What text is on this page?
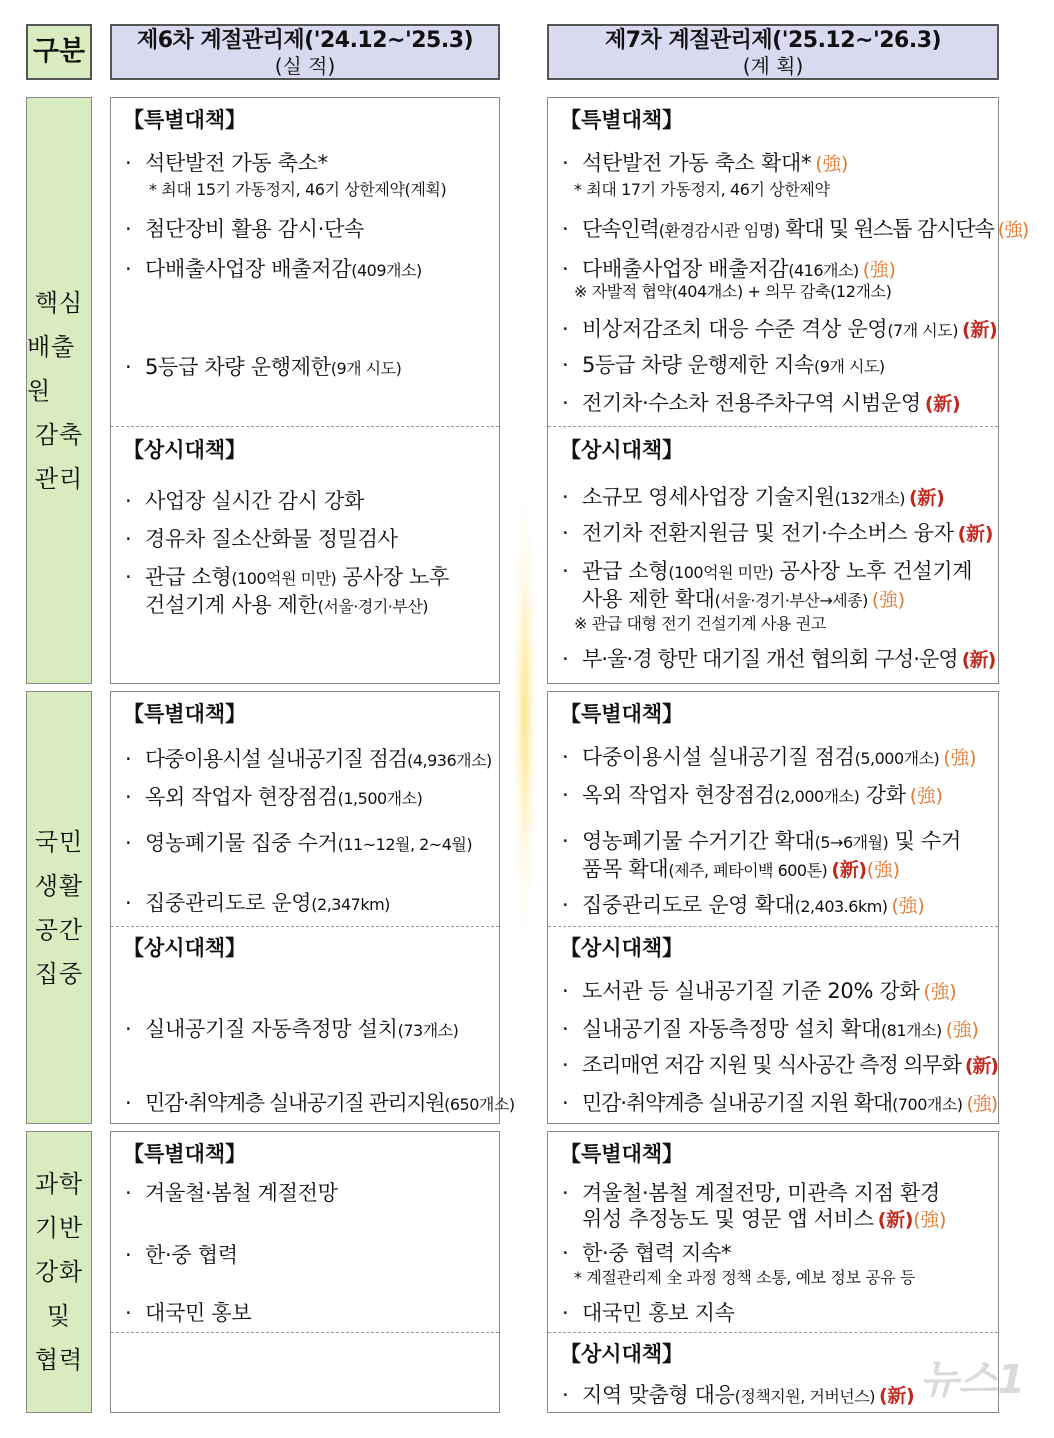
구분	제6차 계절관리제('24.12~'25.3)
(실 적)
제7차 계절관리제('25.12~'26.3)
(계 획)
핵심
배출원
감축
관리
【특별대책】
· 석탄발전 가동 축소*
* 최대 15기 가동정지, 46기 상한제약(계획)
· 첨단장비 활용 감시·단속
· 다배출사업장 배출저감(409개소)
· 5등급 차량 운행제한(9개 시도)
【상시대책】
· 사업장 실시간 감시 강화
· 경유차 질소산화물 정밀검사
· 관급 소형(100억원 미만) 공사장 노후
건설기계 사용 제한(서울·경기·부산)
【특별대책】
· 석탄발전 가동 축소 확대* (強)
* 최대 17기 가동정지, 46기 상한제약
· 단속인력(환경감시관 임명) 확대 및 원스톱 감시단속 (強)
· 다배출사업장 배출저감(416개소) (強)
※ 자발적 협약(404개소) + 의무 감축(12개소)
· 비상저감조치 대응 수준 격상 운영(7개 시도) (新)
· 5등급 차량 운행제한 지속(9개 시도)
· 전기차·수소차 전용주차구역 시범운영 (新)
【상시대책】
· 소규모 영세사업장 기술지원(132개소) (新)
· 전기차 전환지원금 및 전기·수소버스 융자 (新)
· 관급 소형(100억원 미만) 공사장 노후 건설기계
사용 제한 확대(서울·경기·부산→세종) (強)
※ 관급 대형 전기 건설기계 사용 권고
· 부·울·경 항만 대기질 개선 협의회 구성·운영 (新)
국민
생활
공간
집중
【특별대책】
· 다중이용시설 실내공기질 점검(4,936개소)
· 옥외 작업자 현장점검(1,500개소)
· 영농폐기물 집중 수거(11~12월, 2~4월)
· 집중관리도로 운영(2,347km)
【상시대책】
· 실내공기질 자동측정망 설치(73개소)
· 민감·취약계층 실내공기질 관리지원(650개소)
【특별대책】
· 다중이용시설 실내공기질 점검(5,000개소) (強)
· 옥외 작업자 현장점검(2,000개소) 강화 (強)
· 영농폐기물 수거기간 확대(5→6개월) 및 수거
품목 확대(제주, 폐타이백 600톤) (新)(強)
· 집중관리도로 운영 확대(2,403.6km) (強)
【상시대책】
· 도서관 등 실내공기질 기준 20% 강화 (強)
· 실내공기질 자동측정망 설치 확대(81개소) (強)
· 조리매연 저감 지원 및 식사공간 측정 의무화 (新)
· 민감·취약계층 실내공기질 지원 확대(700개소) (強)
과학
기반
강화
및
협력
【특별대책】
· 겨울철·봄철 계절전망
· 한·중 협력
· 대국민 홍보
【특별대책】
· 겨울철·봄철 계절전망, 미관측 지점 환경
위성 추정농도 및 영문 앱 서비스 (新)(強)
· 한·중 협력 지속*
* 계절관리제 全 과정 정책 소통, 예보 정보 공유 등
· 대국민 홍보 지속
【상시대책】
· 지역 맞춤형 대응(정책지원, 거버넌스) (新) 뉴스1
